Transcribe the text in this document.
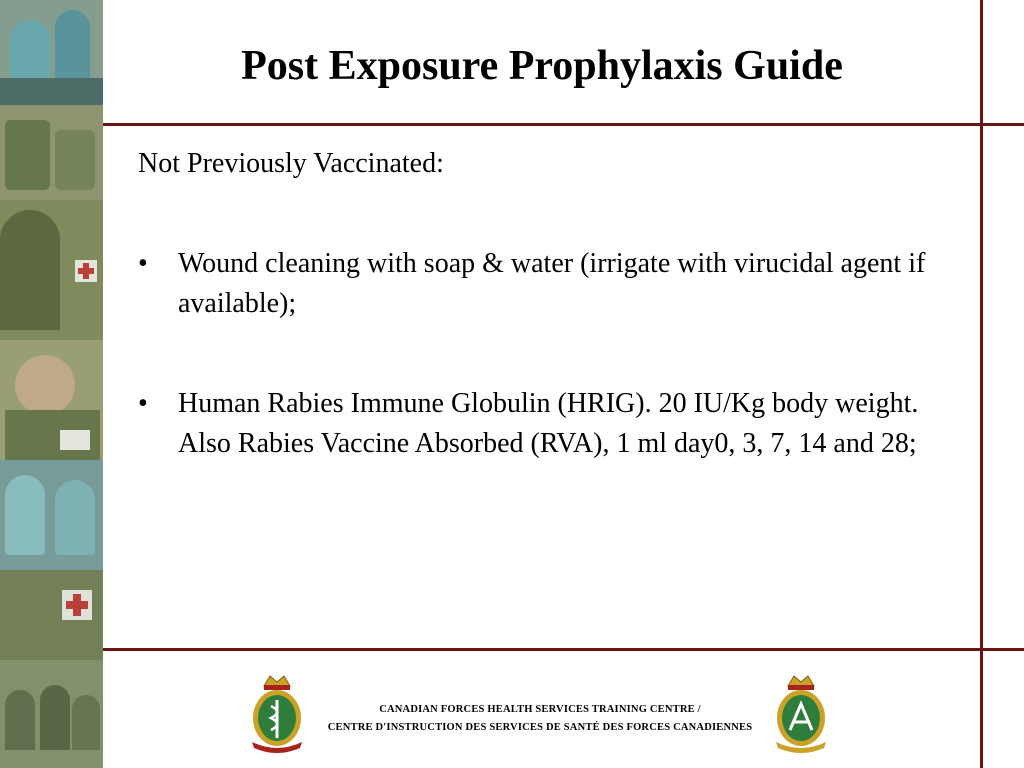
Post Exposure Prophylaxis Guide
Not Previously Vaccinated:
• Wound cleaning with soap & water (irrigate with virucidal agent if available);
• Human Rabies Immune Globulin (HRIG). 20 IU/Kg body weight. Also Rabies Vaccine Absorbed (RVA), 1 ml day0, 3, 7, 14 and 28;
CANADIAN FORCES HEALTH SERVICES TRAINING CENTRE /
CENTRE D'INSTRUCTION DES SERVICES DE SANTÉ DES FORCES CANADIENNES
